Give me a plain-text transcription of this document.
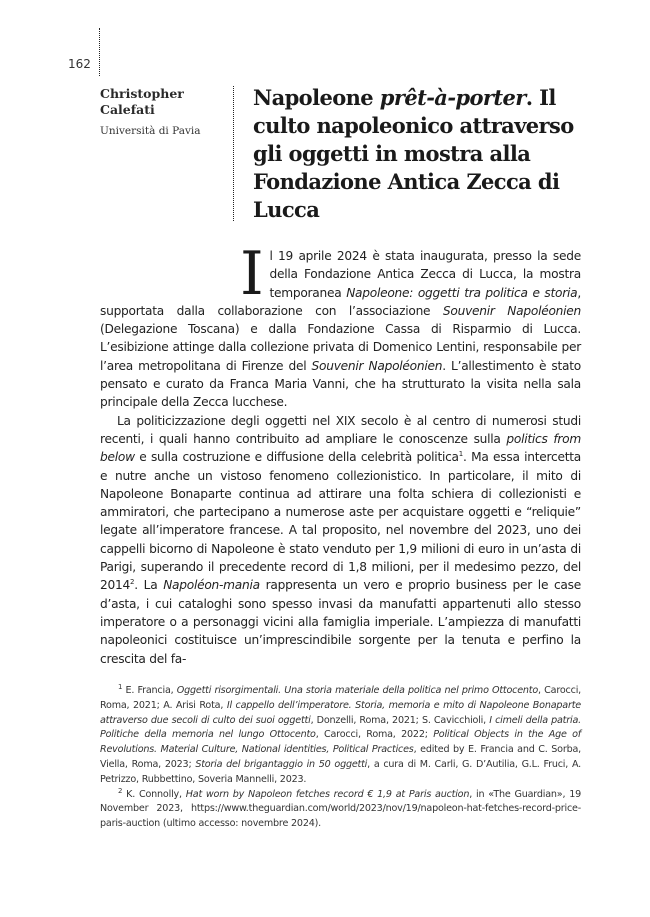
162
Christopher Calefati
Università di Pavia
Napoleone prêt-à-porter. Il culto napoleonico attraverso gli oggetti in mostra alla Fondazione Antica Zecca di Lucca

Il 19 aprile 2024 è stata inaugurata, presso la sede della Fondazione Antica Zecca di Lucca, la mostra temporanea Napoleone: oggetti tra politica e storia, supportata dalla collaborazione con l’associazione Souvenir Napoléonien (Delegazione Toscana) e dalla Fondazione Cassa di Risparmio di Lucca. L’esibizione attinge dalla collezione privata di Domenico Lentini, responsabile per l’area metropolitana di Firenze del Souvenir Napoléonien. L’allestimento è stato pensato e curato da Franca Maria Vanni, che ha strutturato la visita nella sala principale della Zecca lucchese.

La politicizzazione degli oggetti nel XIX secolo è al centro di numerosi studi recenti, i quali hanno contribuito ad ampliare le conoscenze sulla politics from below e sulla costruzione e diffusione della celebrità politica$^1$. Ma essa intercetta e nutre anche un vistoso fenomeno collezionistico. In particolare, il mito di Napoleone Bonaparte continua ad attirare una folta schiera di collezionisti e ammiratori, che partecipano a numerose aste per acquistare oggetti e “reliquie” legate all’imperatore francese. A tal proposito, nel novembre del 2023, uno dei cappelli bicorno di Napoleone è stato venduto per 1,9 milioni di euro in un’asta di Parigi, superando il precedente record di 1,8 milioni, per il medesimo pezzo, del 2014$^2$. La Napoléon-mania rappresenta un vero e proprio business per le case d’asta, i cui cataloghi sono spesso invasi da manufatti appartenuti allo stesso imperatore o a personaggi vicini alla famiglia imperiale. L’ampiezza di manufatti napoleonici costituisce un’imprescindibile sorgente per la tenuta e perfino la crescita del fa-

$^1$ E. Francia, Oggetti risorgimentali. Una storia materiale della politica nel primo Ottocento, Carocci, Roma, 2021; A. Arisi Rota, Il cappello dell’imperatore. Storia, memoria e mito di Napoleone Bonaparte attraverso due secoli di culto dei suoi oggetti, Donzelli, Roma, 2021; S. Cavicchioli, I cimeli della patria. Politiche della memoria nel lungo Ottocento, Carocci, Roma, 2022; Political Objects in the Age of Revolutions. Material Culture, National identities, Political Practices, edited by E. Francia and C. Sorba, Viella, Roma, 2023; Storia del brigantaggio in 50 oggetti, a cura di M. Carli, G. D’Autilia, G.L. Fruci, A. Petrizzo, Rubbettino, Soveria Mannelli, 2023.

$^2$ K. Connolly, Hat worn by Napoleon fetches record € 1,9 at Paris auction, in «The Guardian», 19 November 2023, https://www.theguardian.com/world/2023/nov/19/napoleon-hat-fetches-record-price-paris-auction (ultimo accesso: novembre 2024).
